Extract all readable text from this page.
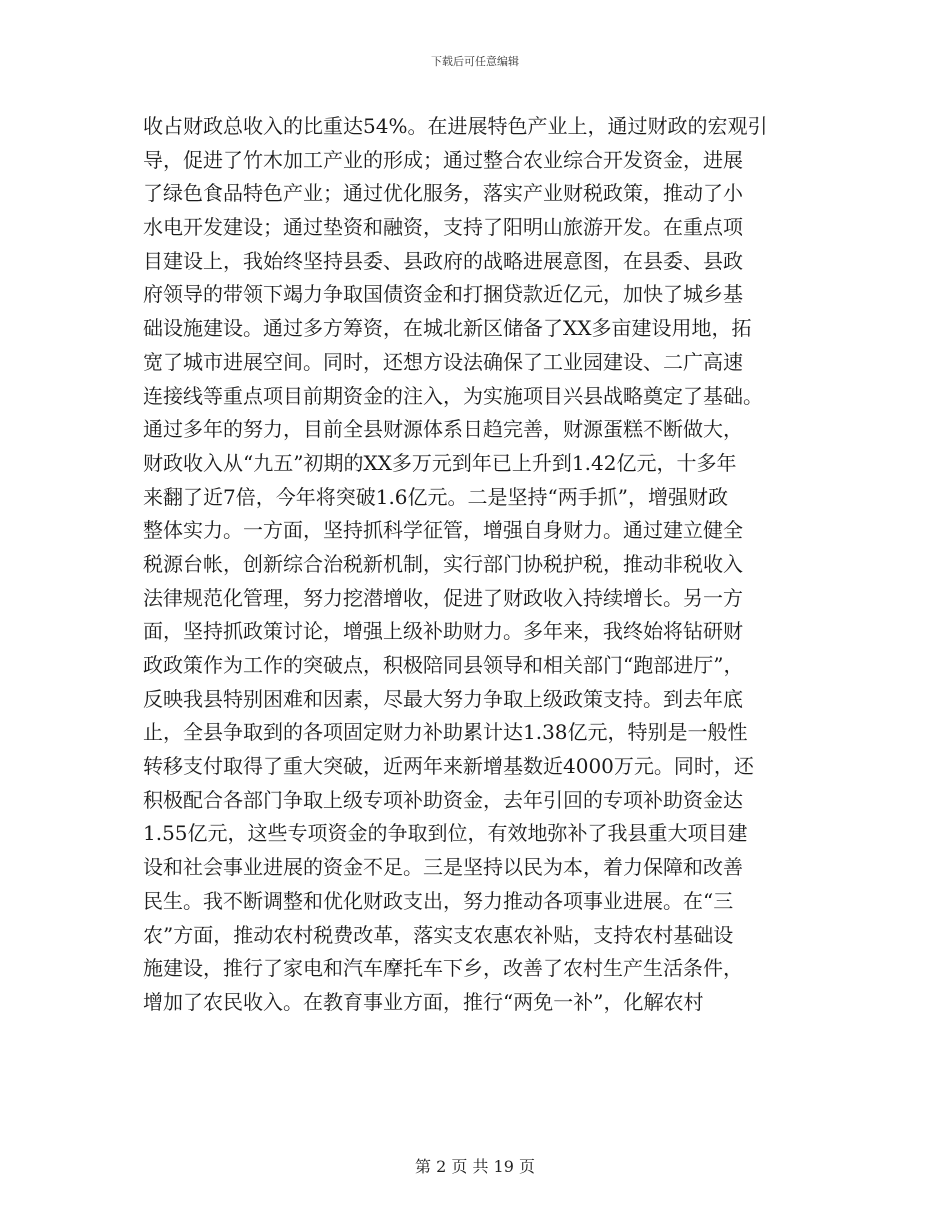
下载后可任意编辑
收占财政总收入的比重达54%。在进展特色产业上，通过财政的宏观引
导，促进了竹木加工产业的形成；通过整合农业综合开发资金，进展
了绿色食品特色产业；通过优化服务，落实产业财税政策，推动了小
水电开发建设；通过垫资和融资，支持了阳明山旅游开发。在重点项
目建设上，我始终坚持县委、县政府的战略进展意图，在县委、县政
府领导的带领下竭力争取国债资金和打捆贷款近亿元，加快了城乡基
础设施建设。通过多方筹资，在城北新区储备了XX多亩建设用地，拓
宽了城市进展空间。同时，还想方设法确保了工业园建设、二广高速
连接线等重点项目前期资金的注入，为实施项目兴县战略奠定了基础。
通过多年的努力，目前全县财源体系日趋完善，财源蛋糕不断做大，
财政收入从“九五”初期的XX多万元到年已上升到1.42亿元，十多年
来翻了近7倍，今年将突破1.6亿元。二是坚持“两手抓”，增强财政
整体实力。一方面，坚持抓科学征管，增强自身财力。通过建立健全
税源台帐，创新综合治税新机制，实行部门协税护税，推动非税收入
法律规范化管理，努力挖潜增收，促进了财政收入持续增长。另一方
面，坚持抓政策讨论，增强上级补助财力。多年来，我终始将钻研财
政政策作为工作的突破点，积极陪同县领导和相关部门“跑部进厅”，
反映我县特别困难和因素，尽最大努力争取上级政策支持。到去年底
止，全县争取到的各项固定财力补助累计达1.38亿元，特别是一般性
转移支付取得了重大突破，近两年来新增基数近4000万元。同时，还
积极配合各部门争取上级专项补助资金，去年引回的专项补助资金达
1.55亿元，这些专项资金的争取到位，有效地弥补了我县重大项目建
设和社会事业进展的资金不足。三是坚持以民为本，着力保障和改善
民生。我不断调整和优化财政支出，努力推动各项事业进展。在“三
农”方面，推动农村税费改革，落实支农惠农补贴，支持农村基础设
施建设，推行了家电和汽车摩托车下乡，改善了农村生产生活条件，
增加了农民收入。在教育事业方面，推行“两免一补”，化解农村
第 2 页 共 19 页
